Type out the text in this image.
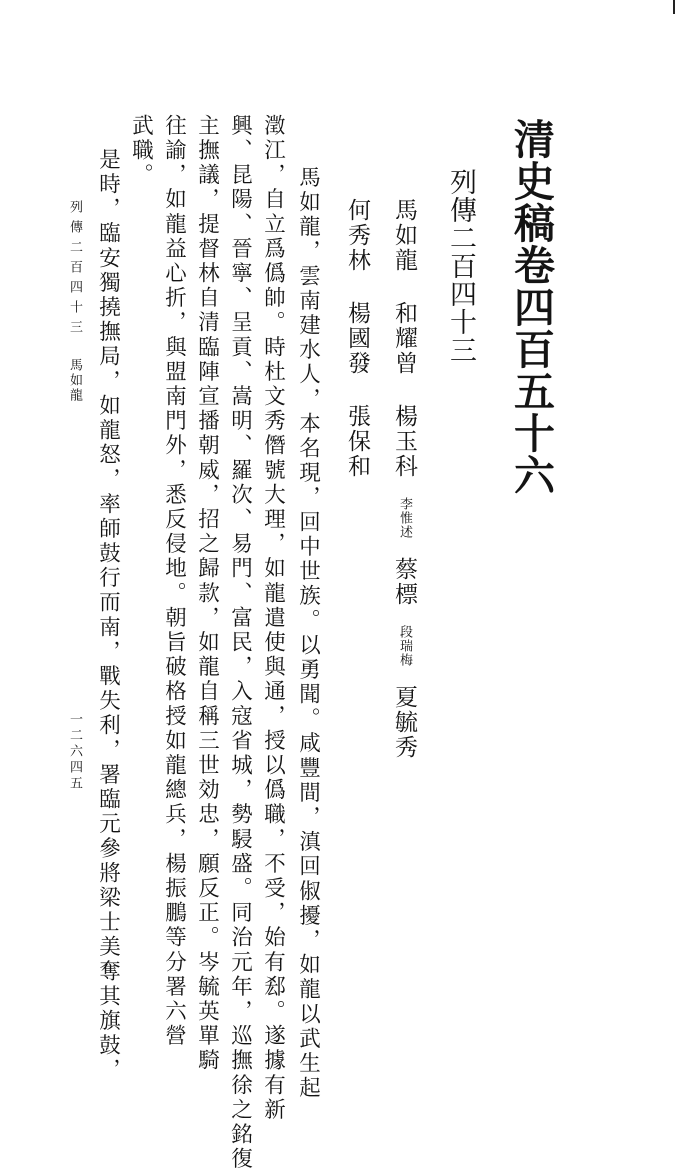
清史稿卷四百五十六
列傳二百四十三
馬如龍 和耀曾 楊玉科李惟述蔡標段瑞梅夏毓秀
何秀林 楊國發 張保和
馬如龍，雲南建水人，本名現，回中世族。以勇聞。咸豐間，滇回俶擾，如龍以武生起
澂江，自立爲僞帥。時杜文秀僭號大理，如龍遣使與通，授以僞職，不受，始有郄。遂據有新
興、昆陽、晉寧、呈貢、嵩明、羅次、易門、富民，入寇省城，勢駸盛。同治元年，巡撫徐之銘復
主撫議，提督林自清臨陣宣播朝威，招之歸款，如龍自稱三世効忠，願反正。岑毓英單騎
往諭，如龍益心折，與盟南門外，悉反侵地。朝旨破格授如龍總兵，楊振鵬等分署六營
武職。
是時，臨安獨撓撫局，如龍怒，率師鼓行而南，戰失利，署臨元參將梁士美奪其旗鼓，
列傳二百四十三
馬如龍
一二六四五
